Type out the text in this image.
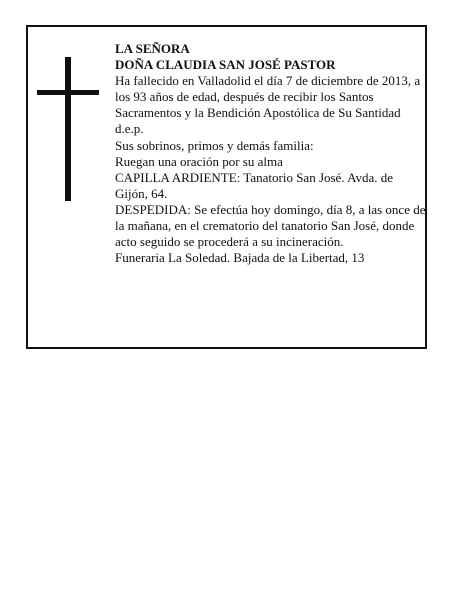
LA SEÑORA
DOÑA CLAUDIA SAN JOSÉ PASTOR
Ha fallecido en Valladolid el día 7 de diciembre de 2013, a los 93 años de edad, después de recibir los Santos Sacramentos y la Bendición Apostólica de Su Santidad
d.e.p.
Sus sobrinos, primos y demás familia:
Ruegan una oración por su alma
CAPILLA ARDIENTE: Tanatorio San José. Avda. de Gijón, 64.
DESPEDIDA: Se efectúa hoy domingo, día 8, a las once de la mañana, en el crematorio del tanatorio San José, donde acto seguido se procederá a su incineración.
Funeraria La Soledad. Bajada de la Libertad, 13
